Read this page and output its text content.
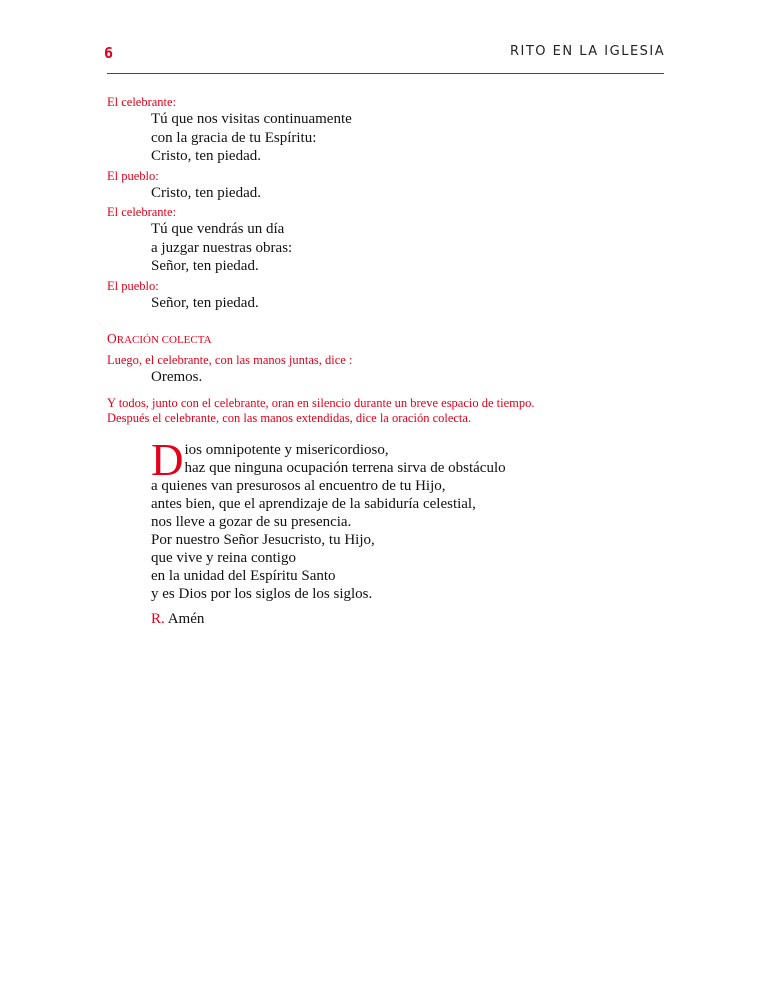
6	RITO EN LA IGLESIA
El celebrante:
Tú que nos visitas continuamente
con la gracia de tu Espíritu:
Cristo, ten piedad.
El pueblo:
Cristo, ten piedad.
El celebrante:
Tú que vendrás un día
a juzgar nuestras obras:
Señor, ten piedad.
El pueblo:
Señor, ten piedad.
ORACIÓN COLECTA
Luego, el celebrante, con las manos juntas, dice :
Oremos.
Y todos, junto con el celebrante, oran en silencio durante un breve espacio de tiempo.
Después el celebrante, con las manos extendidas, dice la oración colecta.
D ios omnipotente y misericordioso,
haz que ninguna ocupación terrena sirva de obstáculo
a quienes van presurosos al encuentro de tu Hijo,
antes bien, que el aprendizaje de la sabiduría celestial,
nos lleve a gozar de su presencia.
Por nuestro Señor Jesucristo, tu Hijo,
que vive y reina contigo
en la unidad del Espíritu Santo
y es Dios por los siglos de los siglos.
R. Amén
